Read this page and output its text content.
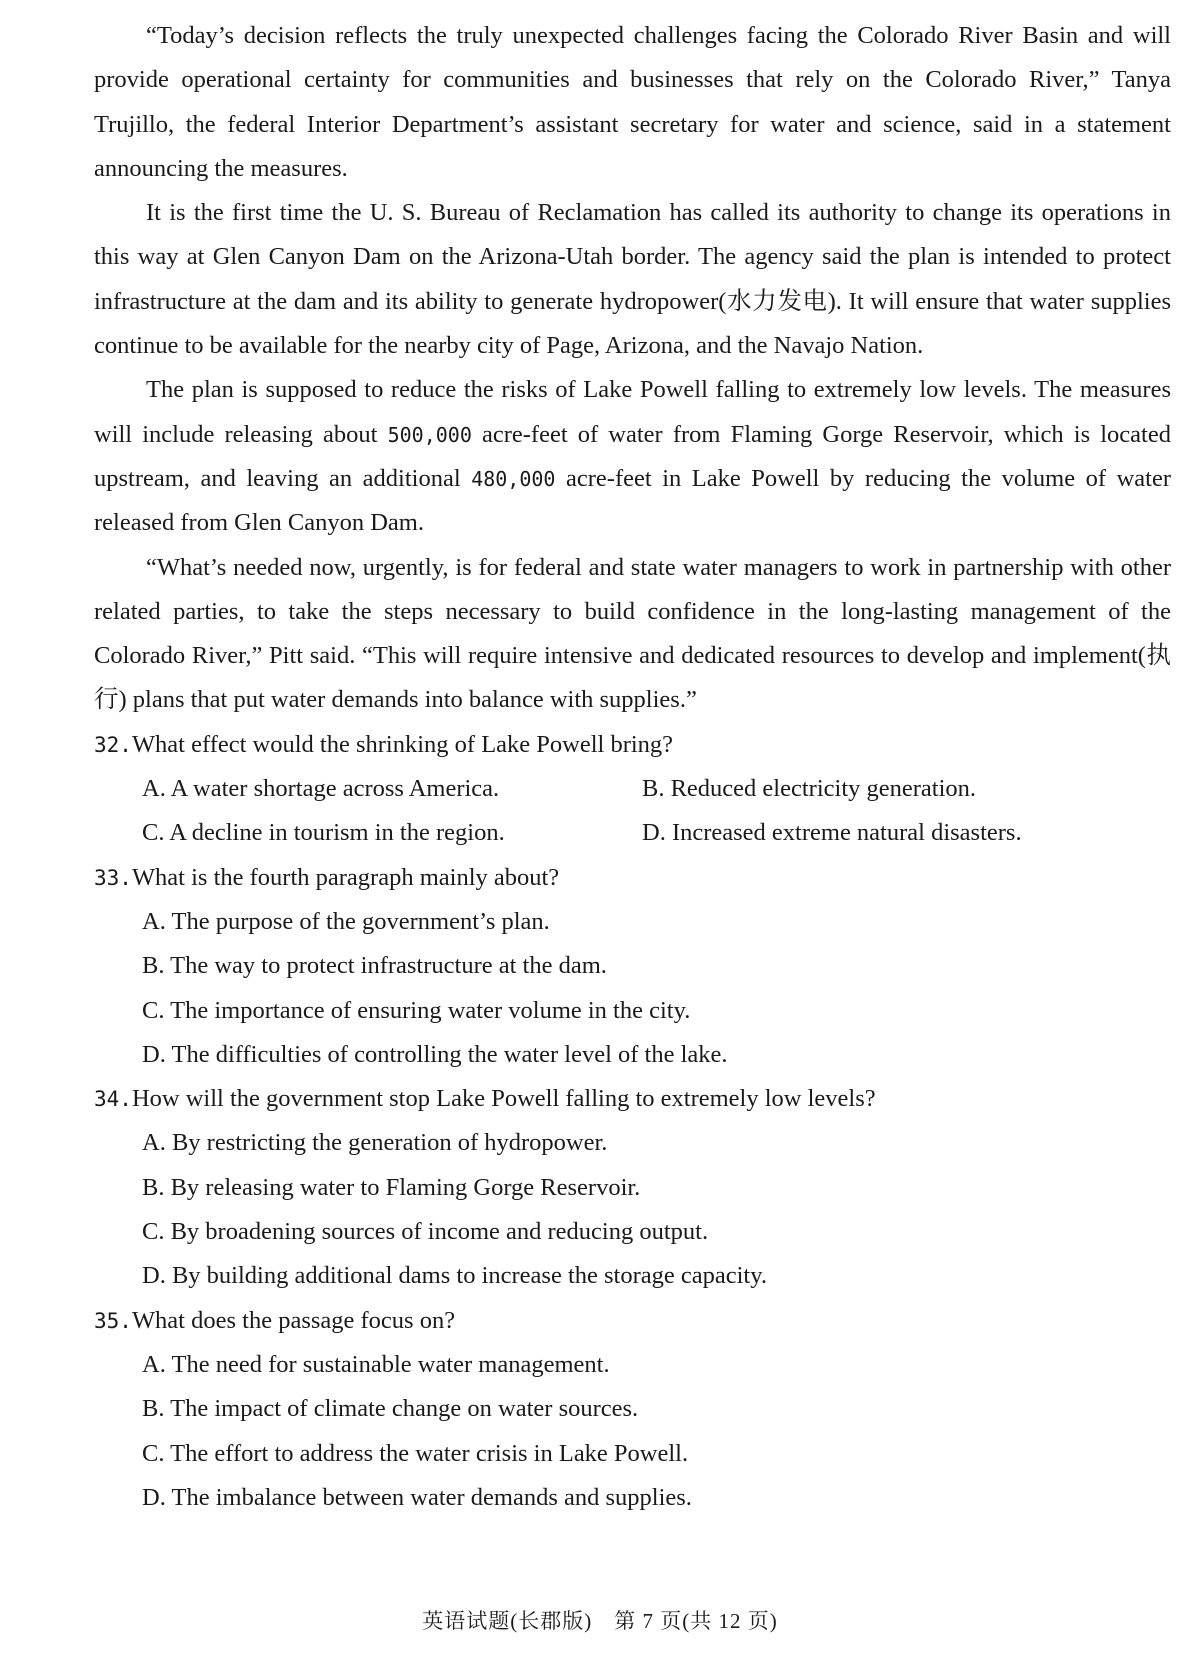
“Today’s decision reflects the truly unexpected challenges facing the Colorado River Basin and will provide operational certainty for communities and businesses that rely on the Colorado River,” Tanya Trujillo, the federal Interior Department’s assistant secretary for water and science, said in a statement announcing the measures.

It is the first time the U. S. Bureau of Reclamation has called its authority to change its operations in this way at Glen Canyon Dam on the Arizona-Utah border. The agency said the plan is intended to protect infrastructure at the dam and its ability to generate hydropower(水力发电). It will ensure that water supplies continue to be available for the nearby city of Page, Arizona, and the Navajo Nation.

The plan is supposed to reduce the risks of Lake Powell falling to extremely low levels. The measures will include releasing about 500,000 acre-feet of water from Flaming Gorge Reservoir, which is located upstream, and leaving an additional 480,000 acre-feet in Lake Powell by reducing the volume of water released from Glen Canyon Dam.

“What’s needed now, urgently, is for federal and state water managers to work in partnership with other related parties, to take the steps necessary to build confidence in the long-lasting management of the Colorado River,” Pitt said. “This will require intensive and dedicated resources to develop and implement(执行) plans that put water demands into balance with supplies.”

32.What effect would the shrinking of Lake Powell bring?

A. A water shortage across America.	B. Reduced electricity generation.

C. A decline in tourism in the region.	D. Increased extreme natural disasters.

33.What is the fourth paragraph mainly about?

A. The purpose of the government’s plan.

B. The way to protect infrastructure at the dam.

C. The importance of ensuring water volume in the city.

D. The difficulties of controlling the water level of the lake.

34.How will the government stop Lake Powell falling to extremely low levels?

A. By restricting the generation of hydropower.

B. By releasing water to Flaming Gorge Reservoir.

C. By broadening sources of income and reducing output.

D. By building additional dams to increase the storage capacity.

35.What does the passage focus on?

A. The need for sustainable water management.

B. The impact of climate change on water sources.

C. The effort to address the water crisis in Lake Powell.

D. The imbalance between water demands and supplies.

英语试题(长郡版)　第 7 页(共 12 页)
